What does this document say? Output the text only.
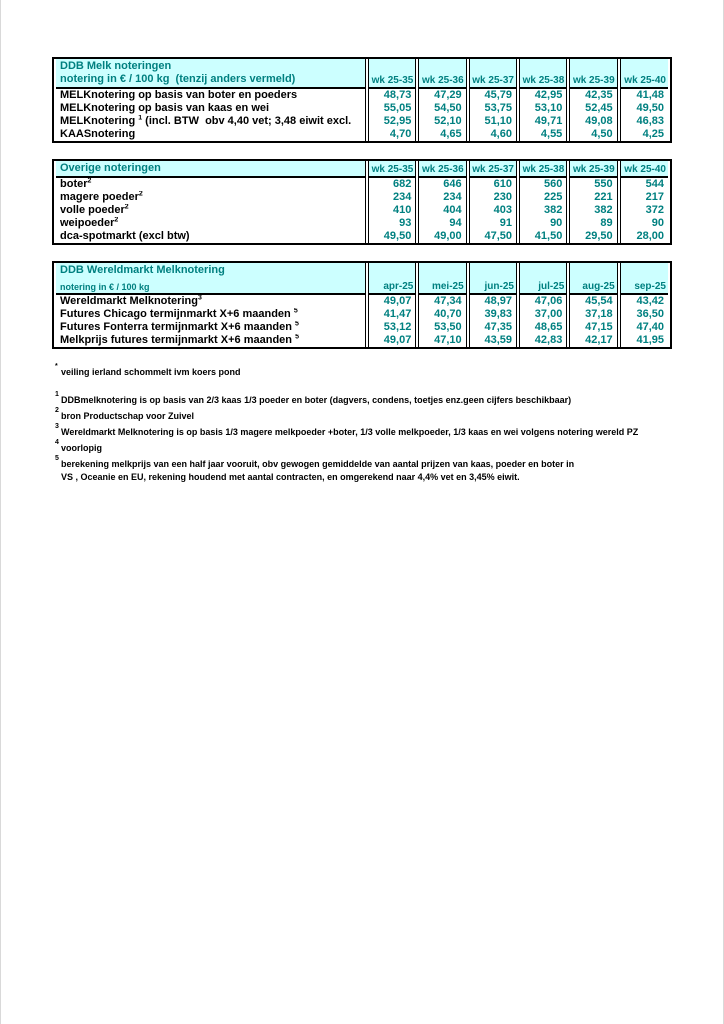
DDB Melk noteringen
notering in € / 100 kg  (tenzij anders vermeld)	wk 25-35	wk 25-36	wk 25-37	wk 25-38	wk 25-39	wk 25-40
MELKnotering op basis van boter en poeders	48,73	47,29	45,79	42,95	42,35	41,48
MELKnotering op basis van kaas en wei	55,05	54,50	53,75	53,10	52,45	49,50
MELKnotering $^1$ (incl. BTW  obv 4,40 vet; 3,48 eiwit excl.	52,95	52,10	51,10	49,71	49,08	46,83
KAASnotering	4,70	4,65	4,60	4,55	4,50	4,25
Overige noteringen	wk 25-35	wk 25-36	wk 25-37	wk 25-38	wk 25-39	wk 25-40
boter$^2$	682	646	610	560	550	544
magere poeder$^2$	234	234	230	225	221	217
volle poeder$^2$	410	404	403	382	382	372
weipoeder$^2$	93	94	91	90	89	90
dca-spotmarkt (excl btw)	49,50	49,00	47,50	41,50	29,50	28,00
DDB Wereldmarkt Melknotering
notering in € / 100 kg	apr-25	mei-25	jun-25	jul-25	aug-25	sep-25
Wereldmarkt Melknotering$^3$	49,07	47,34	48,97	47,06	45,54	43,42
Futures Chicago termijnmarkt X+6 maanden $^5$	41,47	40,70	39,83	37,00	37,18	36,50
Futures Fonterra termijnmarkt X+6 maanden $^5$	53,12	53,50	47,35	48,65	47,15	47,40
Melkprijs futures termijnmarkt X+6 maanden $^5$	49,07	47,10	43,59	42,83	42,17	41,95
*veiling ierland schommelt ivm koers pond
$^1$DDBmelknotering is op basis van 2/3 kaas 1/3 poeder en boter (dagvers, condens, toetjes enz.geen cijfers beschikbaar)
$^2$bron Productschap voor Zuivel
$^3$Wereldmarkt Melknotering is op basis 1/3 magere melkpoeder +boter, 1/3 volle melkpoeder, 1/3 kaas en wei volgens notering wereld PZ
$^4$voorlopig
$^5$berekening melkprijs van een half jaar vooruit, obv gewogen gemiddelde van aantal prijzen van kaas, poeder en boter in
VS , Oceanie en EU, rekening houdend met aantal contracten, en omgerekend naar 4,4% vet en 3,45% eiwit.
